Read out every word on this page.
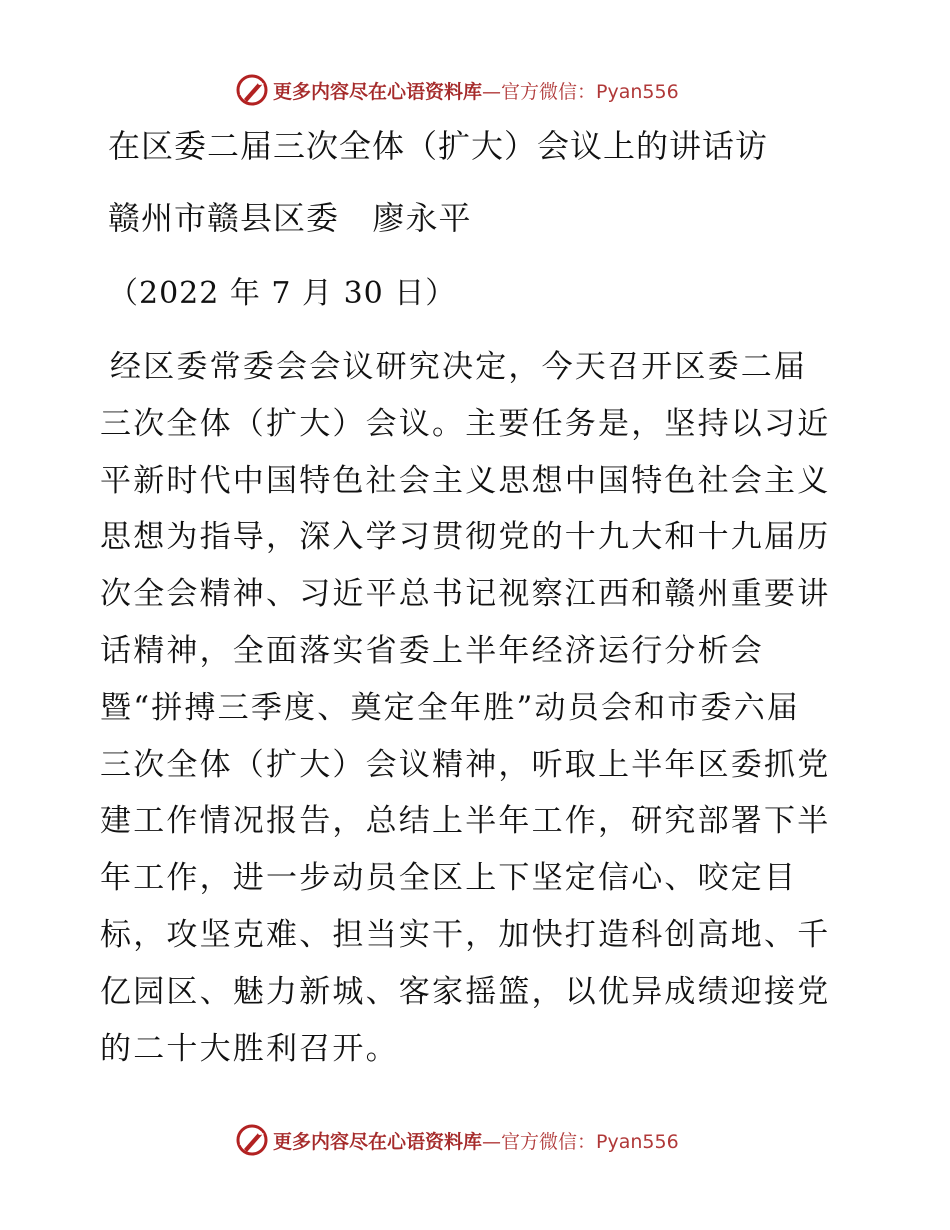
更多内容尽在心语资料库 —官方微信：Pyan556
在区委二届三次全体（扩大）会议上的讲话访
赣州市赣县区委   廖永平
（2022 年 7 月 30 日）
经区委常委会会议研究决定，今天召开区委二届
三次全体（扩大）会议。主要任务是，坚持以习近
平新时代中国特色社会主义思想中国特色社会主义
思想为指导，深入学习贯彻党的十九大和十九届历
次全会精神、习近平总书记视察江西和赣州重要讲
话精神，全面落实省委上半年经济运行分析会
暨“拼搏三季度、奠定全年胜”动员会和市委六届
三次全体（扩大）会议精神，听取上半年区委抓党
建工作情况报告，总结上半年工作，研究部署下半
年工作，进一步动员全区上下坚定信心、咬定目
标，攻坚克难、担当实干，加快打造科创高地、千
亿园区、魅力新城、客家摇篮，以优异成绩迎接党
的二十大胜利召开。
更多内容尽在心语资料库 —官方微信：Pyan556
